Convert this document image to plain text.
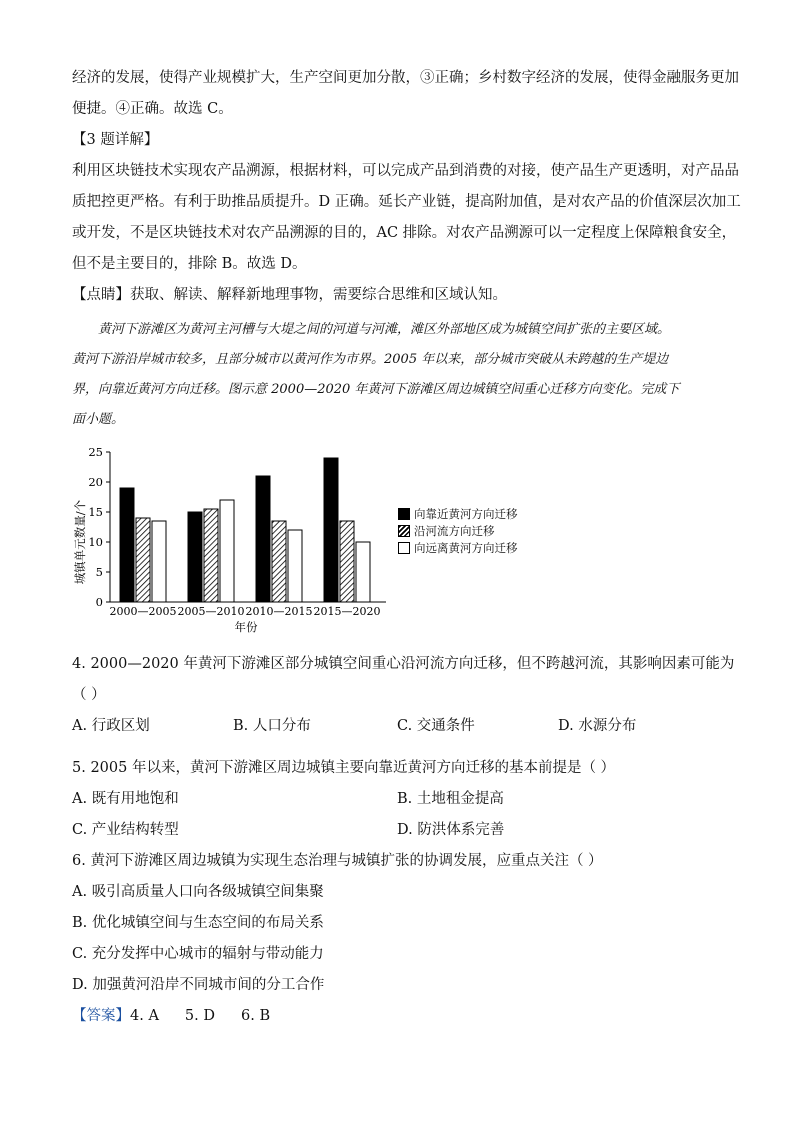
经济的发展，使得产业规模扩大，生产空间更加分散，③正确；乡村数字经济的发展，使得金融服务更加
便捷。④正确。故选 C。
【3 题详解】
利用区块链技术实现农产品溯源，根据材料，可以完成产品到消费的对接，使产品生产更透明，对产品品
质把控更严格。有利于助推品质提升。D 正确。延长产业链，提高附加值，是对农产品的价值深层次加工
或开发，不是区块链技术对农产品溯源的目的，AC 排除。对农产品溯源可以一定程度上保障粮食安全，
但不是主要目的，排除 B。故选 D。
【点睛】获取、解读、解释新地理事物，需要综合思维和区域认知。
黄河下游滩区为黄河主河槽与大堤之间的河道与河滩，滩区外部地区成为城镇空间扩张的主要区域。
黄河下游沿岸城市较多，且部分城市以黄河作为市界。2005 年以来，部分城市突破从未跨越的生产堤边
界，向靠近黄河方向迁移。图示意 2000—2020 年黄河下游滩区周边城镇空间重心迁移方向变化。完成下
面小题。
城镇单元数量/个
0
5
10
15
20
25
2000—2005 2005—2010 2010—2015 2015—2020
年份
向靠近黄河方向迁移
沿河流方向迁移
向远离黄河方向迁移
4. 2000—2020 年黄河下游滩区部分城镇空间重心沿河流方向迁移，但不跨越河流，其影响因素可能为
（ ）
A. 行政区划	B. 人口分布	C. 交通条件	D. 水源分布
5. 2005 年以来，黄河下游滩区周边城镇主要向靠近黄河方向迁移的基本前提是（ ）
A. 既有用地饱和	B. 土地租金提高
C. 产业结构转型	D. 防洪体系完善
6. 黄河下游滩区周边城镇为实现生态治理与城镇扩张的协调发展，应重点关注（ ）
A. 吸引高质量人口向各级城镇空间集聚
B. 优化城镇空间与生态空间的布局关系
C. 充分发挥中心城市的辐射与带动能力
D. 加强黄河沿岸不同城市间的分工合作
【答案】4. A 5. D 6. B
